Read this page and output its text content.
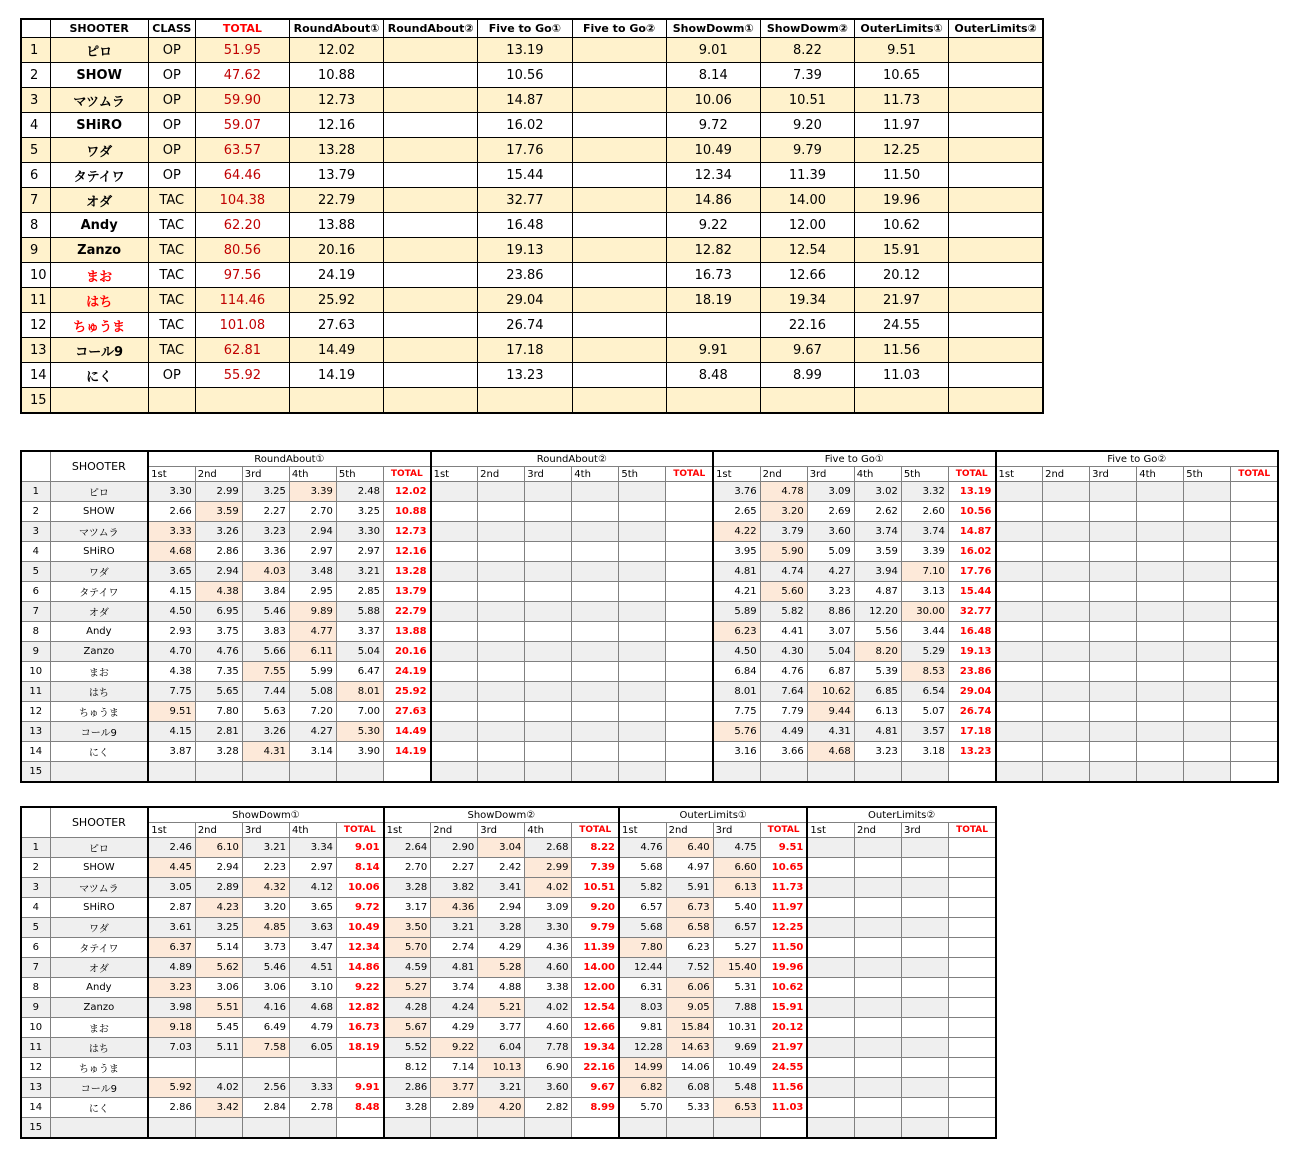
	SHOOTER	CLASS	TOTAL	RoundAbout①	RoundAbout②	Five to Go①	Five to Go②	ShowDowm①	ShowDowm②	OuterLimits①	OuterLimits②
1	ピロ	OP	51.95	12.02		13.19		9.01	8.22	9.51	
2	SHOW	OP	47.62	10.88		10.56		8.14	7.39	10.65	
3	マツムラ	OP	59.90	12.73		14.87		10.06	10.51	11.73	
4	SHiRO	OP	59.07	12.16		16.02		9.72	9.20	11.97	
5	ワダ	OP	63.57	13.28		17.76		10.49	9.79	12.25	
6	タテイワ	OP	64.46	13.79		15.44		12.34	11.39	11.50	
7	オダ	TAC	104.38	22.79		32.77		14.86	14.00	19.96	
8	Andy	TAC	62.20	13.88		16.48		9.22	12.00	10.62	
9	Zanzo	TAC	80.56	20.16		19.13		12.82	12.54	15.91	
10	まお	TAC	97.56	24.19		23.86		16.73	12.66	20.12	
11	はち	TAC	114.46	25.92		29.04		18.19	19.34	21.97	
12	ちゅうま	TAC	101.08	27.63		26.74			22.16	24.55	
13	コール9	TAC	62.81	14.49		17.18		9.91	9.67	11.56	
14	にく	OP	55.92	14.19		13.23		8.48	8.99	11.03	
15											
	SHOOTER	RoundAbout①						RoundAbout②						Five to Go①						Five to Go②					
		1st	2nd	3rd	4th	5th	TOTAL	1st	2nd	3rd	4th	5th	TOTAL	1st	2nd	3rd	4th	5th	TOTAL	1st	2nd	3rd	4th	5th	TOTAL
1	ピロ	3.30	2.99	3.25	3.39	2.48	12.02							3.76	4.78	3.09	3.02	3.32	13.19						
2	SHOW	2.66	3.59	2.27	2.70	3.25	10.88							2.65	3.20	2.69	2.62	2.60	10.56						
3	マツムラ	3.33	3.26	3.23	2.94	3.30	12.73							4.22	3.79	3.60	3.74	3.74	14.87						
4	SHiRO	4.68	2.86	3.36	2.97	2.97	12.16							3.95	5.90	5.09	3.59	3.39	16.02						
5	ワダ	3.65	2.94	4.03	3.48	3.21	13.28							4.81	4.74	4.27	3.94	7.10	17.76						
6	タテイワ	4.15	4.38	3.84	2.95	2.85	13.79							4.21	5.60	3.23	4.87	3.13	15.44						
7	オダ	4.50	6.95	5.46	9.89	5.88	22.79							5.89	5.82	8.86	12.20	30.00	32.77						
8	Andy	2.93	3.75	3.83	4.77	3.37	13.88							6.23	4.41	3.07	5.56	3.44	16.48						
9	Zanzo	4.70	4.76	5.66	6.11	5.04	20.16							4.50	4.30	5.04	8.20	5.29	19.13						
10	まお	4.38	7.35	7.55	5.99	6.47	24.19							6.84	4.76	6.87	5.39	8.53	23.86						
11	はち	7.75	5.65	7.44	5.08	8.01	25.92							8.01	7.64	10.62	6.85	6.54	29.04						
12	ちゅうま	9.51	7.80	5.63	7.20	7.00	27.63							7.75	7.79	9.44	6.13	5.07	26.74						
13	コール9	4.15	2.81	3.26	4.27	5.30	14.49							5.76	4.49	4.31	4.81	3.57	17.18						
14	にく	3.87	3.28	4.31	3.14	3.90	14.19							3.16	3.66	4.68	3.23	3.18	13.23						
15																									
	SHOOTER	ShowDowm①					ShowDowm②					OuterLimits①				OuterLimits②			
		1st	2nd	3rd	4th	TOTAL	1st	2nd	3rd	4th	TOTAL	1st	2nd	3rd	TOTAL	1st	2nd	3rd	TOTAL
1	ピロ	2.46	6.10	3.21	3.34	9.01	2.64	2.90	3.04	2.68	8.22	4.76	6.40	4.75	9.51				
2	SHOW	4.45	2.94	2.23	2.97	8.14	2.70	2.27	2.42	2.99	7.39	5.68	4.97	6.60	10.65				
3	マツムラ	3.05	2.89	4.32	4.12	10.06	3.28	3.82	3.41	4.02	10.51	5.82	5.91	6.13	11.73				
4	SHiRO	2.87	4.23	3.20	3.65	9.72	3.17	4.36	2.94	3.09	9.20	6.57	6.73	5.40	11.97				
5	ワダ	3.61	3.25	4.85	3.63	10.49	3.50	3.21	3.28	3.30	9.79	5.68	6.58	6.57	12.25				
6	タテイワ	6.37	5.14	3.73	3.47	12.34	5.70	2.74	4.29	4.36	11.39	7.80	6.23	5.27	11.50				
7	オダ	4.89	5.62	5.46	4.51	14.86	4.59	4.81	5.28	4.60	14.00	12.44	7.52	15.40	19.96				
8	Andy	3.23	3.06	3.06	3.10	9.22	5.27	3.74	4.88	3.38	12.00	6.31	6.06	5.31	10.62				
9	Zanzo	3.98	5.51	4.16	4.68	12.82	4.28	4.24	5.21	4.02	12.54	8.03	9.05	7.88	15.91				
10	まお	9.18	5.45	6.49	4.79	16.73	5.67	4.29	3.77	4.60	12.66	9.81	15.84	10.31	20.12				
11	はち	7.03	5.11	7.58	6.05	18.19	5.52	9.22	6.04	7.78	19.34	12.28	14.63	9.69	21.97				
12	ちゅうま						8.12	7.14	10.13	6.90	22.16	14.99	14.06	10.49	24.55				
13	コール9	5.92	4.02	2.56	3.33	9.91	2.86	3.77	3.21	3.60	9.67	6.82	6.08	5.48	11.56				
14	にく	2.86	3.42	2.84	2.78	8.48	3.28	2.89	4.20	2.82	8.99	5.70	5.33	6.53	11.03				
15																			
